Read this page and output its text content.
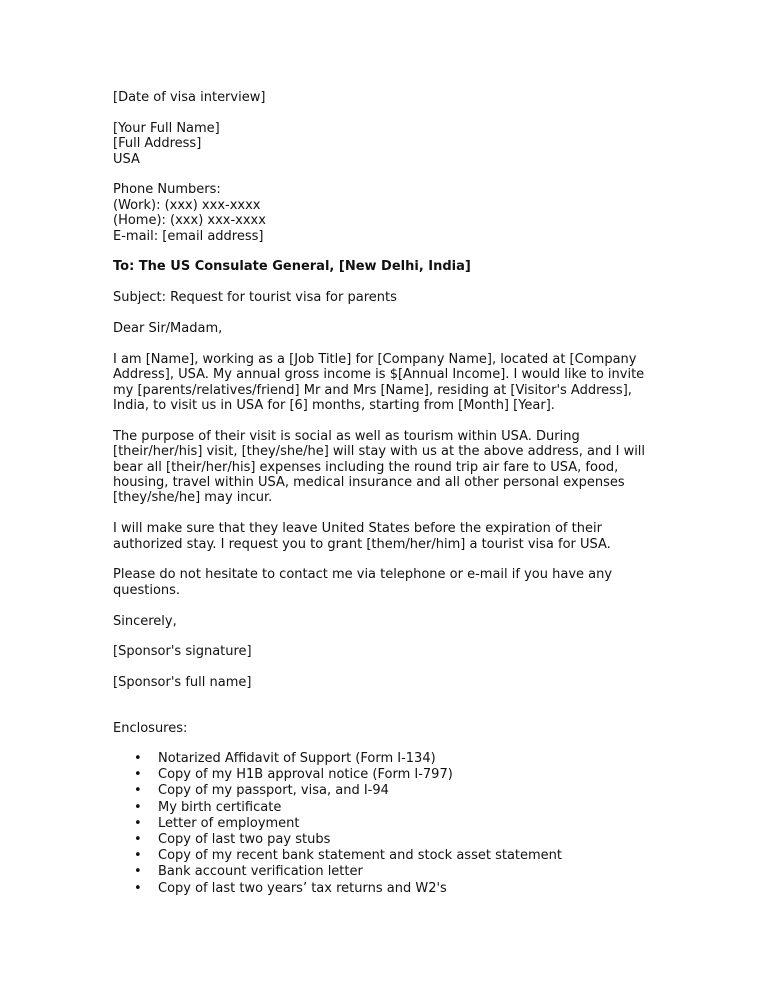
[Date of visa interview]
[Your Full Name]
[Full Address]
USA
Phone Numbers:
(Work): (xxx) xxx-xxxx
(Home): (xxx) xxx-xxxx
E-mail: [email address]
To: The US Consulate General, [New Delhi, India]
Subject: Request for tourist visa for parents
Dear Sir/Madam,
I am [Name], working as a [Job Title] for [Company Name], located at [Company
Address], USA. My annual gross income is $[Annual Income]. I would like to invite
my [parents/relatives/friend] Mr and Mrs [Name], residing at [Visitor's Address],
India, to visit us in USA for [6] months, starting from [Month] [Year].
The purpose of their visit is social as well as tourism within USA. During
[their/her/his] visit, [they/she/he] will stay with us at the above address, and I will
bear all [their/her/his] expenses including the round trip air fare to USA, food,
housing, travel within USA, medical insurance and all other personal expenses
[they/she/he] may incur.
I will make sure that they leave United States before the expiration of their
authorized stay. I request you to grant [them/her/him] a tourist visa for USA.
Please do not hesitate to contact me via telephone or e-mail if you have any
questions.
Sincerely,
[Sponsor's signature]
[Sponsor's full name]
Enclosures:
• Notarized Affidavit of Support (Form I-134)
• Copy of my H1B approval notice (Form I-797)
• Copy of my passport, visa, and I-94
• My birth certificate
• Letter of employment
• Copy of last two pay stubs
• Copy of my recent bank statement and stock asset statement
• Bank account verification letter
• Copy of last two years’ tax returns and W2's
